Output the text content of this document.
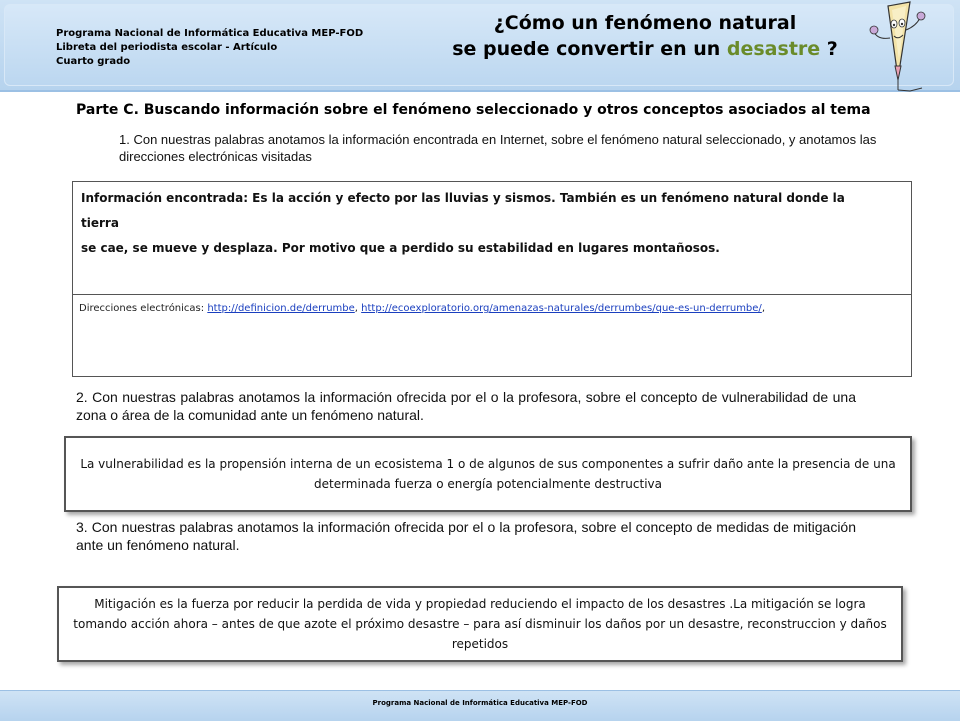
Programa Nacional de Informática Educativa MEP-FOD
Libreta del periodista escolar - Artículo
Cuarto grado
¿Cómo un fenómeno natural
se puede convertir en un desastre ?
Parte C. Buscando información sobre el fenómeno seleccionado y otros conceptos asociados al tema
1. Con nuestras palabras anotamos la información encontrada en Internet, sobre el fenómeno natural seleccionado, y anotamos las direcciones electrónicas visitadas
Información encontrada: Es la acción y efecto por las lluvias y sismos. También es un fenómeno natural donde la tierra
se cae, se mueve y desplaza. Por motivo que a perdido su estabilidad en lugares montañosos.
Direcciones electrónicas: http://definicion.de/derrumbe, http://ecoexploratorio.org/amenazas-naturales/derrumbes/que-es-un-derrumbe/,
2. Con nuestras palabras anotamos la información ofrecida por el o la profesora, sobre el concepto de vulnerabilidad de una zona o área de la comunidad ante un fenómeno natural.
La vulnerabilidad es la propensión interna de un ecosistema 1 o de algunos de sus componentes a sufrir daño ante la presencia de una determinada fuerza o energía potencialmente destructiva
3. Con nuestras palabras anotamos la información ofrecida por el o la profesora, sobre el concepto de medidas de mitigación ante un fenómeno natural.
Mitigación es la fuerza por reducir la perdida de vida y propiedad reduciendo el impacto de los desastres .La mitigación se logra tomando acción ahora – antes de que azote el próximo desastre – para así disminuir los daños por un desastre, reconstruccion y daños repetidos
Programa Nacional de Informática Educativa MEP-FOD
